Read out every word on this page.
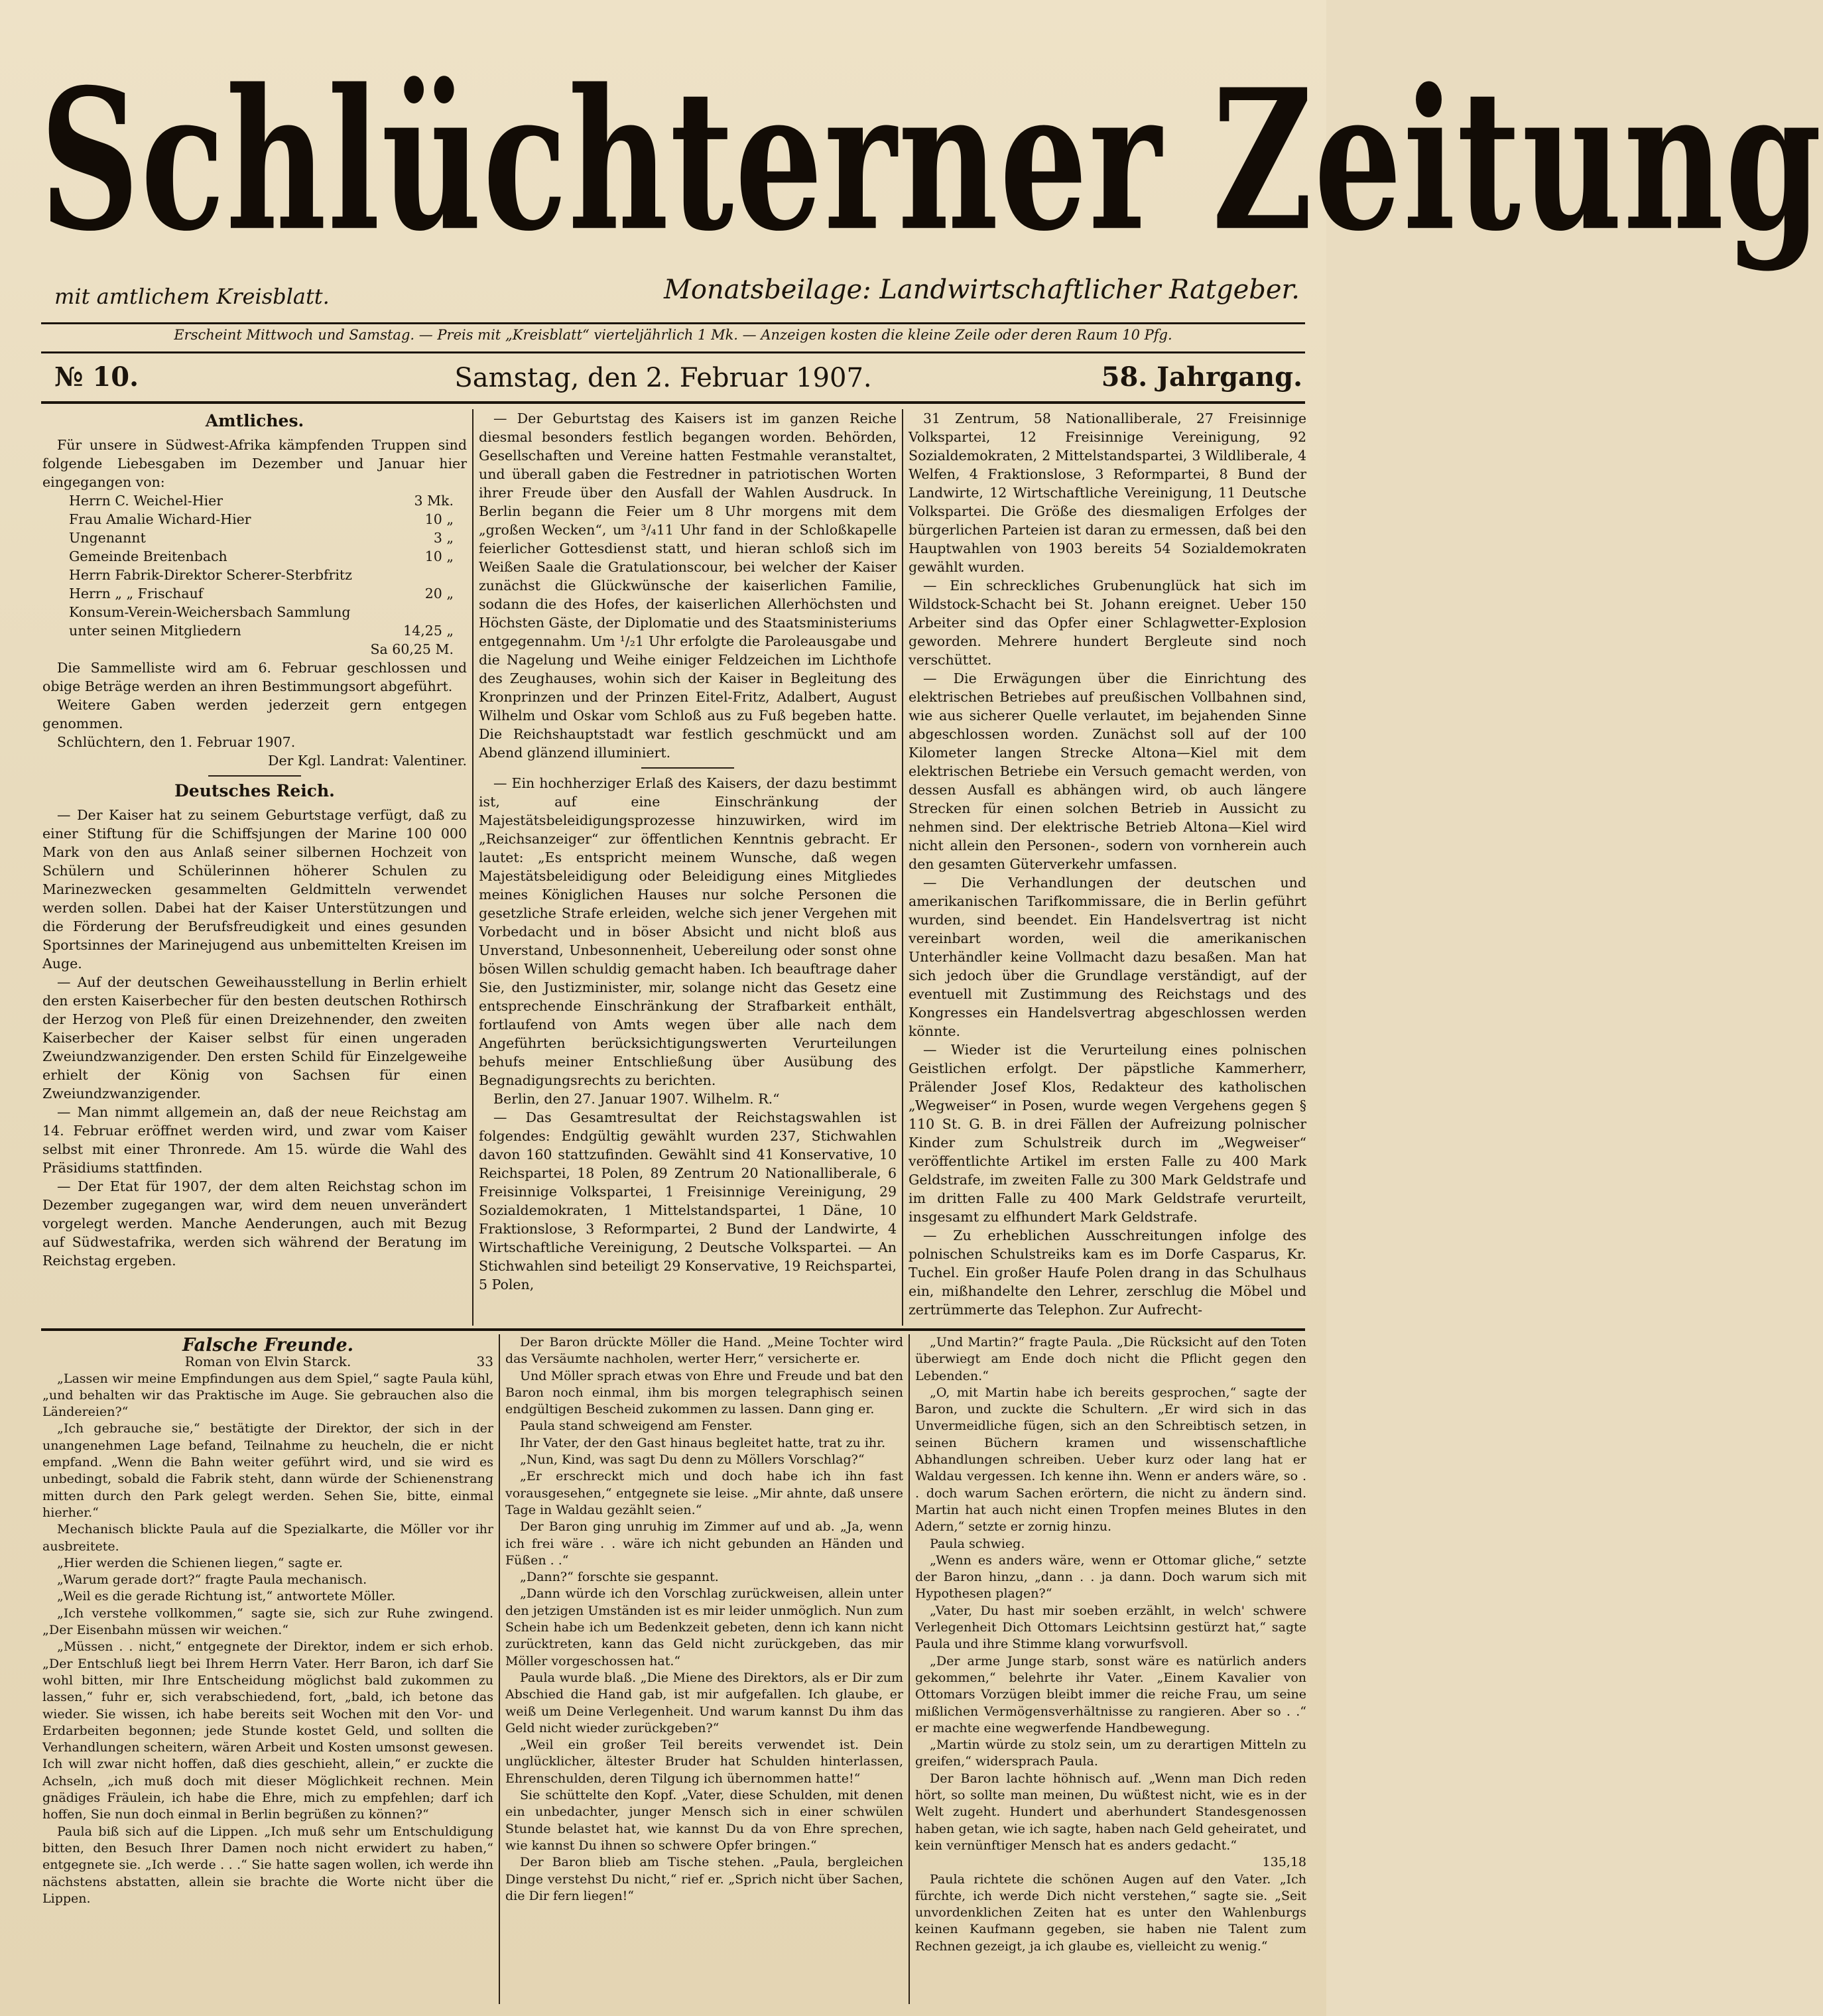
Schlüchterner Zeitung
mit amtlichem Kreisblatt.	Monatsbeilage: Landwirtschaftlicher Ratgeber.
Erscheint Mittwoch und Samstag. — Preis mit „Kreisblatt“ vierteljährlich 1 Mk. — Anzeigen kosten die kleine Zeile oder deren Raum 10 Pfg.
№ 10.	Samstag, den 2. Februar 1907.	58. Jahrgang.
Amtliches.

Für unsere in Südwest-Afrika kämpfenden Truppen sind folgende Liebesgaben im Dezember und Januar hier eingegangen von:

Herrn C. Weichel-Hier	3 Mk.
Frau Amalie Wichard-Hier	10 „
Ungenannt	3 „
Gemeinde Breitenbach	10 „
Herrn Fabrik-Direktor Scherer-Sterbfritz
Herrn „ „ Frischauf	20 „
Konsum-Verein-Weichersbach Sammlung
unter seinen Mitgliedern	14,25 „
Sa 60,25 M.

Die Sammelliste wird am 6. Februar geschlossen und obige Beträge werden an ihren Bestimmungsort abgeführt.

Weitere Gaben werden jederzeit gern entgegen genommen.

Schlüchtern, den 1. Februar 1907.

Der Kgl. Landrat: Valentiner.
Deutsches Reich.

— Der Kaiser hat zu seinem Geburtstage verfügt, daß zu einer Stiftung für die Schiffsjungen der Marine 100 000 Mark von den aus Anlaß seiner silbernen Hochzeit von Schülern und Schülerinnen höherer Schulen zu Marinezwecken gesammelten Geldmitteln verwendet werden sollen. Dabei hat der Kaiser Unterstützungen und die Förderung der Berufsfreudigkeit und eines gesunden Sportsinnes der Marinejugend aus unbemittelten Kreisen im Auge.

— Auf der deutschen Geweihausstellung in Berlin erhielt den ersten Kaiserbecher für den besten deutschen Rothirsch der Herzog von Pleß für einen Dreizehnender, den zweiten Kaiserbecher der Kaiser selbst für einen ungeraden Zweiundzwanzigender. Den ersten Schild für Einzelgeweihe erhielt der König von Sachsen für einen Zweiundzwanzigender.

— Man nimmt allgemein an, daß der neue Reichstag am 14. Februar eröffnet werden wird, und zwar vom Kaiser selbst mit einer Thronrede. Am 15. würde die Wahl des Präsidiums stattfinden.

— Der Etat für 1907, der dem alten Reichstag schon im Dezember zugegangen war, wird dem neuen unverändert vorgelegt werden. Manche Aenderungen, auch mit Bezug auf Südwestafrika, werden sich während der Beratung im Reichstag ergeben.

— Der Geburtstag des Kaisers ist im ganzen Reiche diesmal besonders festlich begangen worden. Behörden, Gesellschaften und Vereine hatten Festmahle veranstaltet, und überall gaben die Festredner in patriotischen Worten ihrer Freude über den Ausfall der Wahlen Ausdruck. In Berlin begann die Feier um 8 Uhr morgens mit dem „großen Wecken“, um ³/₄11 Uhr fand in der Schloßkapelle feierlicher Gottesdienst statt, und hieran schloß sich im Weißen Saale die Gratulationscour, bei welcher der Kaiser zunächst die Glückwünsche der kaiserlichen Familie, sodann die des Hofes, der kaiserlichen Allerhöchsten und Höchsten Gäste, der Diplomatie und des Staatsministeriums entgegennahm. Um ¹/₂1 Uhr erfolgte die Paroleausgabe und die Nagelung und Weihe einiger Feldzeichen im Lichthofe des Zeughauses, wohin sich der Kaiser in Begleitung des Kronprinzen und der Prinzen Eitel-Fritz, Adalbert, August Wilhelm und Oskar vom Schloß aus zu Fuß begeben hatte. Die Reichshauptstadt war festlich geschmückt und am Abend glänzend illuminiert.

— Ein hochherziger Erlaß des Kaisers, der dazu bestimmt ist, auf eine Einschränkung der Majestätsbeleidigungsprozesse hinzuwirken, wird im „Reichsanzeiger“ zur öffentlichen Kenntnis gebracht. Er lautet: „Es entspricht meinem Wunsche, daß wegen Majestätsbeleidigung oder Beleidigung eines Mitgliedes meines Königlichen Hauses nur solche Personen die gesetzliche Strafe erleiden, welche sich jener Vergehen mit Vorbedacht und in böser Absicht und nicht bloß aus Unverstand, Unbesonnenheit, Uebereilung oder sonst ohne bösen Willen schuldig gemacht haben. Ich beauftrage daher Sie, den Justizminister, mir, solange nicht das Gesetz eine entsprechende Einschränkung der Strafbarkeit enthält, fortlaufend von Amts wegen über alle nach dem Angeführten berücksichtigungswerten Verurteilungen behufs meiner Entschließung über Ausübung des Begnadigungsrechts zu berichten.

Berlin, den 27. Januar 1907. Wilhelm. R.“

— Das Gesamtresultat der Reichstagswahlen ist folgendes: Endgültig gewählt wurden 237, Stichwahlen davon 160 stattzufinden. Gewählt sind 41 Konservative, 10 Reichspartei, 18 Polen, 89 Zentrum 20 Nationalliberale, 6 Freisinnige Volkspartei, 1 Freisinnige Vereinigung, 29 Sozialdemokraten, 1 Mittelstandspartei, 1 Däne, 10 Fraktionslose, 3 Reformpartei, 2 Bund der Landwirte, 4 Wirtschaftliche Vereinigung, 2 Deutsche Volkspartei. — An Stichwahlen sind beteiligt 29 Konservative, 19 Reichspartei, 5 Polen,

31 Zentrum, 58 Nationalliberale, 27 Freisinnige Volkspartei, 12 Freisinnige Vereinigung, 92 Sozialdemokraten, 2 Mittelstandspartei, 3 Wildliberale, 4 Welfen, 4 Fraktionslose, 3 Reformpartei, 8 Bund der Landwirte, 12 Wirtschaftliche Vereinigung, 11 Deutsche Volkspartei. Die Größe des diesmaligen Erfolges der bürgerlichen Parteien ist daran zu ermessen, daß bei den Hauptwahlen von 1903 bereits 54 Sozialdemokraten gewählt wurden.

— Ein schreckliches Grubenunglück hat sich im Wildstock-Schacht bei St. Johann ereignet. Ueber 150 Arbeiter sind das Opfer einer Schlagwetter-Explosion geworden. Mehrere hundert Bergleute sind noch verschüttet.

— Die Erwägungen über die Einrichtung des elektrischen Betriebes auf preußischen Vollbahnen sind, wie aus sicherer Quelle verlautet, im bejahenden Sinne abgeschlossen worden. Zunächst soll auf der 100 Kilometer langen Strecke Altona—Kiel mit dem elektrischen Betriebe ein Versuch gemacht werden, von dessen Ausfall es abhängen wird, ob auch längere Strecken für einen solchen Betrieb in Aussicht zu nehmen sind. Der elektrische Betrieb Altona—Kiel wird nicht allein den Personen-, sodern von vornherein auch den gesamten Güterverkehr umfassen.

— Die Verhandlungen der deutschen und amerikanischen Tarifkommissare, die in Berlin geführt wurden, sind beendet. Ein Handelsvertrag ist nicht vereinbart worden, weil die amerikanischen Unterhändler keine Vollmacht dazu besaßen. Man hat sich jedoch über die Grundlage verständigt, auf der eventuell mit Zustimmung des Reichstags und des Kongresses ein Handelsvertrag abgeschlossen werden könnte.

— Wieder ist die Verurteilung eines polnischen Geistlichen erfolgt. Der päpstliche Kammerherr, Prälender Josef Klos, Redakteur des katholischen „Wegweiser“ in Posen, wurde wegen Vergehens gegen § 110 St. G. B. in drei Fällen der Aufreizung polnischer Kinder zum Schulstreik durch im „Wegweiser“ veröffentlichte Artikel im ersten Falle zu 400 Mark Geldstrafe, im zweiten Falle zu 300 Mark Geldstrafe und im dritten Falle zu 400 Mark Geldstrafe verurteilt, insgesamt zu elfhundert Mark Geldstrafe.

— Zu erheblichen Ausschreitungen infolge des polnischen Schulstreiks kam es im Dorfe Casparus, Kr. Tuchel. Ein großer Haufe Polen drang in das Schulhaus ein, mißhandelte den Lehrer, zerschlug die Möbel und zertrümmerte das Telephon. Zur Aufrecht-

Falsche Freunde.
Roman von Elvin Starck.	33

„Lassen wir meine Empfindungen aus dem Spiel,“ sagte Paula kühl, „und behalten wir das Praktische im Auge. Sie gebrauchen also die Ländereien?“

„Ich gebrauche sie,“ bestätigte der Direktor, der sich in der unangenehmen Lage befand, Teilnahme zu heucheln, die er nicht empfand. „Wenn die Bahn weiter geführt wird, und sie wird es unbedingt, sobald die Fabrik steht, dann würde der Schienenstrang mitten durch den Park gelegt werden. Sehen Sie, bitte, einmal hierher.“

Mechanisch blickte Paula auf die Spezialkarte, die Möller vor ihr ausbreitete.

„Hier werden die Schienen liegen,“ sagte er.

„Warum gerade dort?“ fragte Paula mechanisch.

„Weil es die gerade Richtung ist,“ antwortete Möller.

„Ich verstehe vollkommen,“ sagte sie, sich zur Ruhe zwingend. „Der Eisenbahn müssen wir weichen.“

„Müssen . . nicht,“ entgegnete der Direktor, indem er sich erhob. „Der Entschluß liegt bei Ihrem Herrn Vater. Herr Baron, ich darf Sie wohl bitten, mir Ihre Entscheidung möglichst bald zukommen zu lassen,“ fuhr er, sich verabschiedend, fort, „bald, ich betone das wieder. Sie wissen, ich habe bereits seit Wochen mit den Vor- und Erdarbeiten begonnen; jede Stunde kostet Geld, und sollten die Verhandlungen scheitern, wären Arbeit und Kosten umsonst gewesen. Ich will zwar nicht hoffen, daß dies geschieht, allein,“ er zuckte die Achseln, „ich muß doch mit dieser Möglichkeit rechnen. Mein gnädiges Fräulein, ich habe die Ehre, mich zu empfehlen; darf ich hoffen, Sie nun doch einmal in Berlin begrüßen zu können?“

Paula biß sich auf die Lippen. „Ich muß sehr um Entschuldigung bitten, den Besuch Ihrer Damen noch nicht erwidert zu haben,“ entgegnete sie. „Ich werde . . .“ Sie hatte sagen wollen, ich werde ihn nächstens abstatten, allein sie brachte die Worte nicht über die Lippen.

Der Baron drückte Möller die Hand. „Meine Tochter wird das Versäumte nachholen, werter Herr,“ versicherte er.

Und Möller sprach etwas von Ehre und Freude und bat den Baron noch einmal, ihm bis morgen telegraphisch seinen endgültigen Bescheid zukommen zu lassen. Dann ging er.

Paula stand schweigend am Fenster.

Ihr Vater, der den Gast hinaus begleitet hatte, trat zu ihr.

„Nun, Kind, was sagt Du denn zu Möllers Vorschlag?“

„Er erschreckt mich und doch habe ich ihn fast vorausgesehen,“ entgegnete sie leise. „Mir ahnte, daß unsere Tage in Waldau gezählt seien.“

Der Baron ging unruhig im Zimmer auf und ab. „Ja, wenn ich frei wäre . . wäre ich nicht gebunden an Händen und Füßen . .“

„Dann?“ forschte sie gespannt.

„Dann würde ich den Vorschlag zurückweisen, allein unter den jetzigen Umständen ist es mir leider unmöglich. Nun zum Schein habe ich um Bedenkzeit gebeten, denn ich kann nicht zurücktreten, kann das Geld nicht zurückgeben, das mir Möller vorgeschossen hat.“

Paula wurde blaß. „Die Miene des Direktors, als er Dir zum Abschied die Hand gab, ist mir aufgefallen. Ich glaube, er weiß um Deine Verlegenheit. Und warum kannst Du ihm das Geld nicht wieder zurückgeben?“

„Weil ein großer Teil bereits verwendet ist. Dein unglücklicher, ältester Bruder hat Schulden hinterlassen, Ehrenschulden, deren Tilgung ich übernommen hatte!“

Sie schüttelte den Kopf. „Vater, diese Schulden, mit denen ein unbedachter, junger Mensch sich in einer schwülen Stunde belastet hat, wie kannst Du da von Ehre sprechen, wie kannst Du ihnen so schwere Opfer bringen.“

Der Baron blieb am Tische stehen. „Paula, bergleichen Dinge verstehst Du nicht,“ rief er. „Sprich nicht über Sachen, die Dir fern liegen!“

„Und Martin?“ fragte Paula. „Die Rücksicht auf den Toten überwiegt am Ende doch nicht die Pflicht gegen den Lebenden.“

„O, mit Martin habe ich bereits gesprochen,“ sagte der Baron, und zuckte die Schultern. „Er wird sich in das Unvermeidliche fügen, sich an den Schreibtisch setzen, in seinen Büchern kramen und wissenschaftliche Abhandlungen schreiben. Ueber kurz oder lang hat er Waldau vergessen. Ich kenne ihn. Wenn er anders wäre, so . . doch warum Sachen erörtern, die nicht zu ändern sind. Martin hat auch nicht einen Tropfen meines Blutes in den Adern,“ setzte er zornig hinzu.

Paula schwieg.

„Wenn es anders wäre, wenn er Ottomar gliche,“ setzte der Baron hinzu, „dann . . ja dann. Doch warum sich mit Hypothesen plagen?“

„Vater, Du hast mir soeben erzählt, in welch' schwere Verlegenheit Dich Ottomars Leichtsinn gestürzt hat,“ sagte Paula und ihre Stimme klang vorwurfsvoll.

„Der arme Junge starb, sonst wäre es natürlich anders gekommen,“ belehrte ihr Vater. „Einem Kavalier von Ottomars Vorzügen bleibt immer die reiche Frau, um seine mißlichen Vermögensverhältnisse zu rangieren. Aber so . .“ er machte eine wegwerfende Handbewegung.

„Martin würde zu stolz sein, um zu derartigen Mitteln zu greifen,“ widersprach Paula.

Der Baron lachte höhnisch auf. „Wenn man Dich reden hört, so sollte man meinen, Du wüßtest nicht, wie es in der Welt zugeht. Hundert und aberhundert Standesgenossen haben getan, wie ich sagte, haben nach Geld geheiratet, und kein vernünftiger Mensch hat es anders gedacht.“

135,18

Paula richtete die schönen Augen auf den Vater. „Ich fürchte, ich werde Dich nicht verstehen,“ sagte sie. „Seit unvordenklichen Zeiten hat es unter den Wahlenburgs keinen Kaufmann gegeben, sie haben nie Talent zum Rechnen gezeigt, ja ich glaube es, vielleicht zu wenig.“
